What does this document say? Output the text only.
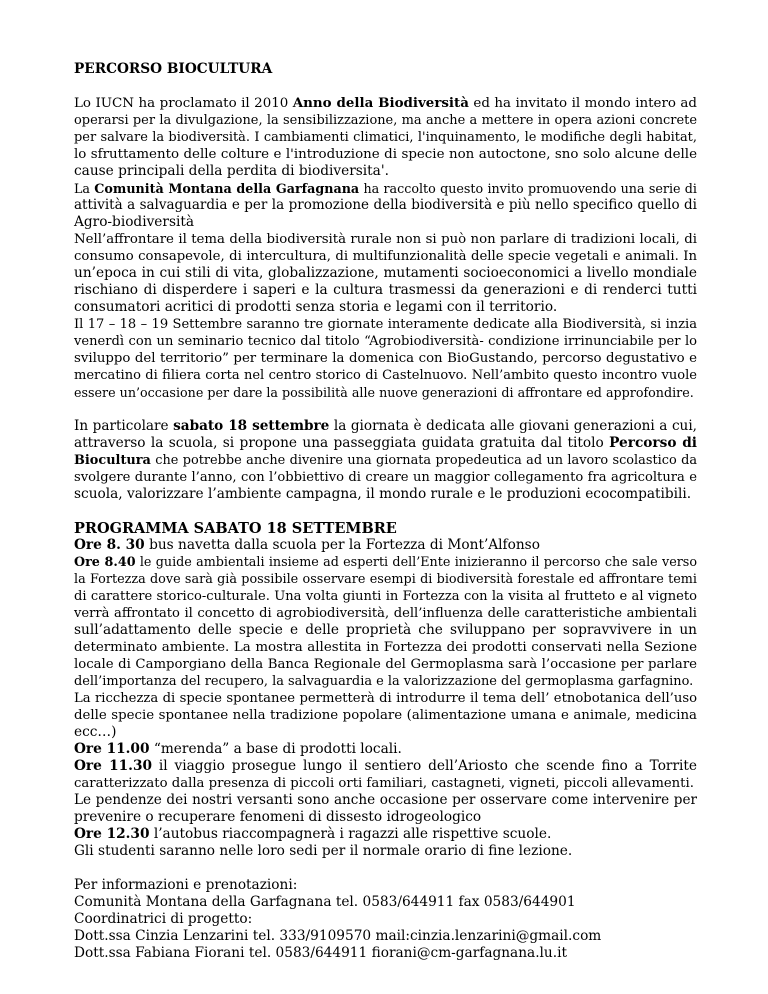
PERCORSO BIOCULTURA
Lo IUCN ha proclamato il 2010 Anno della Biodiversità ed ha invitato il mondo intero ad
operarsi per la divulgazione, la sensibilizzazione, ma anche a mettere in opera azioni concrete
per salvare la biodiversità. I cambiamenti climatici, l'inquinamento, le modifiche degli habitat,
lo sfruttamento delle colture e l'introduzione di specie non autoctone, sno solo alcune delle
cause principali della perdita di biodiversita'.
La Comunità Montana della Garfagnana ha raccolto questo invito promuovendo una serie di
attività a salvaguardia e per la promozione della biodiversità e più nello specifico quello di
Agro-biodiversità
Nell’affrontare il tema della biodiversità rurale non si può non parlare di tradizioni locali, di
consumo consapevole, di intercultura, di multifunzionalità delle specie vegetali e animali. In
un’epoca in cui stili di vita, globalizzazione, mutamenti socioeconomici a livello mondiale
rischiano di disperdere i saperi e la cultura trasmessi da generazioni e di renderci tutti
consumatori acritici di prodotti senza storia e legami con il territorio.
Il 17 – 18 – 19 Settembre saranno tre giornate interamente dedicate alla Biodiversità, si inzia
venerdì con un seminario tecnico dal titolo “Agrobiodiversità- condizione irrinunciabile per lo
sviluppo del territorio” per terminare la domenica con BioGustando, percorso degustativo e
mercatino di filiera corta nel centro storico di Castelnuovo. Nell’ambito questo incontro vuole
essere un’occasione per dare la possibilità alle nuove generazioni di affrontare ed approfondire.
In particolare sabato 18 settembre la giornata è dedicata alle giovani generazioni a cui,
attraverso la scuola, si propone una passeggiata guidata gratuita dal titolo Percorso di
Biocultura che potrebbe anche divenire una giornata propedeutica ad un lavoro scolastico da
svolgere durante l’anno, con l’obbiettivo di creare un maggior collegamento fra agricoltura e
scuola, valorizzare l’ambiente campagna, il mondo rurale e le produzioni ecocompatibili.
PROGRAMMA SABATO 18 SETTEMBRE
Ore 8. 30 bus navetta dalla scuola per la Fortezza di Mont’Alfonso
Ore 8.40 le guide ambientali insieme ad esperti dell’Ente inizieranno il percorso che sale verso
la Fortezza dove sarà già possibile osservare esempi di biodiversità forestale ed affrontare temi
di carattere storico-culturale. Una volta giunti in Fortezza con la visita al frutteto e al vigneto
verrà affrontato il concetto di agrobiodiversità, dell’influenza delle caratteristiche ambientali
sull’adattamento delle specie e delle proprietà che sviluppano per sopravvivere in un
determinato ambiente. La mostra allestita in Fortezza dei prodotti conservati nella Sezione
locale di Camporgiano della Banca Regionale del Germoplasma sarà l’occasione per parlare
dell’importanza del recupero, la salvaguardia e la valorizzazione del germoplasma garfagnino.
La ricchezza di specie spontanee permetterà di introdurre il tema dell’ etnobotanica dell’uso
delle specie spontanee nella tradizione popolare (alimentazione umana e animale, medicina
ecc…)
Ore 11.00 “merenda” a base di prodotti locali.
Ore 11.30 il viaggio prosegue lungo il sentiero dell’Ariosto che scende fino a Torrite
caratterizzato dalla presenza di piccoli orti familiari, castagneti, vigneti, piccoli allevamenti.
Le pendenze dei nostri versanti sono anche occasione per osservare come intervenire per
prevenire o recuperare fenomeni di dissesto idrogeologico
Ore 12.30 l’autobus riaccompagnerà i ragazzi alle rispettive scuole.
Gli studenti saranno nelle loro sedi per il normale orario di fine lezione.
Per informazioni e prenotazioni:
Comunità Montana della Garfagnana tel. 0583/644911 fax 0583/644901
Coordinatrici di progetto:
Dott.ssa Cinzia Lenzarini tel. 333/9109570 mail:cinzia.lenzarini@gmail.com
Dott.ssa Fabiana Fiorani tel. 0583/644911 fiorani@cm-garfagnana.lu.it
